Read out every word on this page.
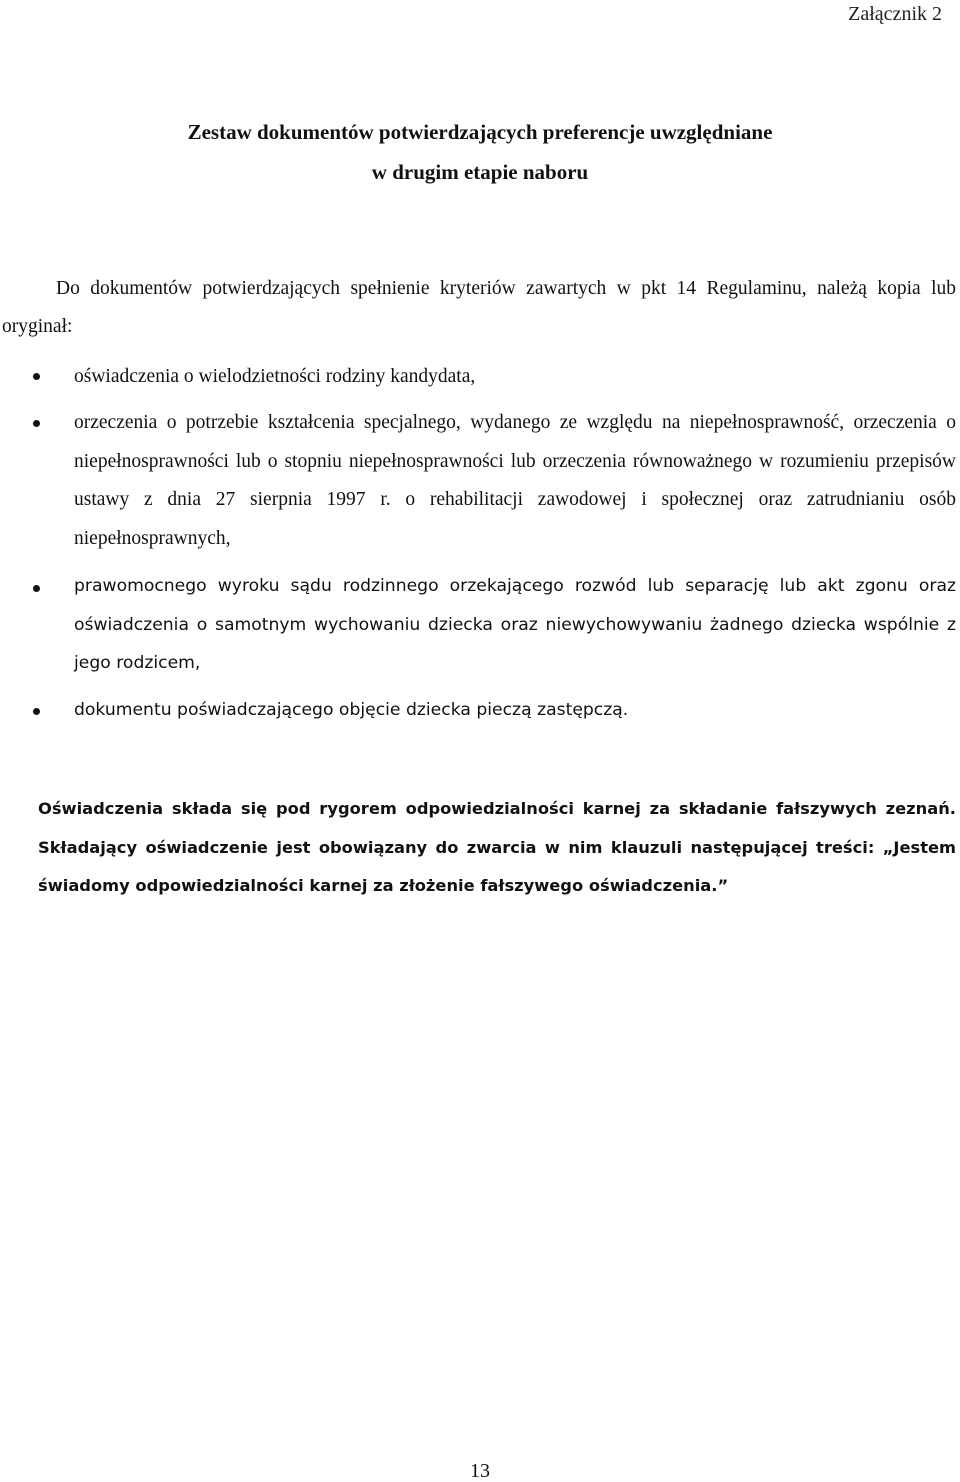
Załącznik 2
Zestaw dokumentów potwierdzających preferencje uwzględniane
w drugim etapie naboru

Do dokumentów potwierdzających spełnienie kryteriów zawartych w pkt 14 Regulaminu, należą kopia lub oryginał:

oświadczenia o wielodzietności rodziny kandydata,
orzeczenia o potrzebie kształcenia specjalnego, wydanego ze względu na niepełnosprawność, orzeczenia o niepełnosprawności lub o stopniu niepełnosprawności lub orzeczenia równoważnego w rozumieniu przepisów ustawy z dnia 27 sierpnia 1997 r. o rehabilitacji zawodowej i społecznej oraz zatrudnianiu osób niepełnosprawnych,
prawomocnego wyroku sądu rodzinnego orzekającego rozwód lub separację lub akt zgonu oraz oświadczenia o samotnym wychowaniu dziecka oraz niewychowywaniu żadnego dziecka wspólnie z jego rodzicem,
dokumentu poświadczającego objęcie dziecka pieczą zastępczą.

Oświadczenia składa się pod rygorem odpowiedzialności karnej za składanie fałszywych zeznań. Składający oświadczenie jest obowiązany do zwarcia w nim klauzuli następującej treści: „Jestem świadomy odpowiedzialności karnej za złożenie fałszywego oświadczenia.”

13
